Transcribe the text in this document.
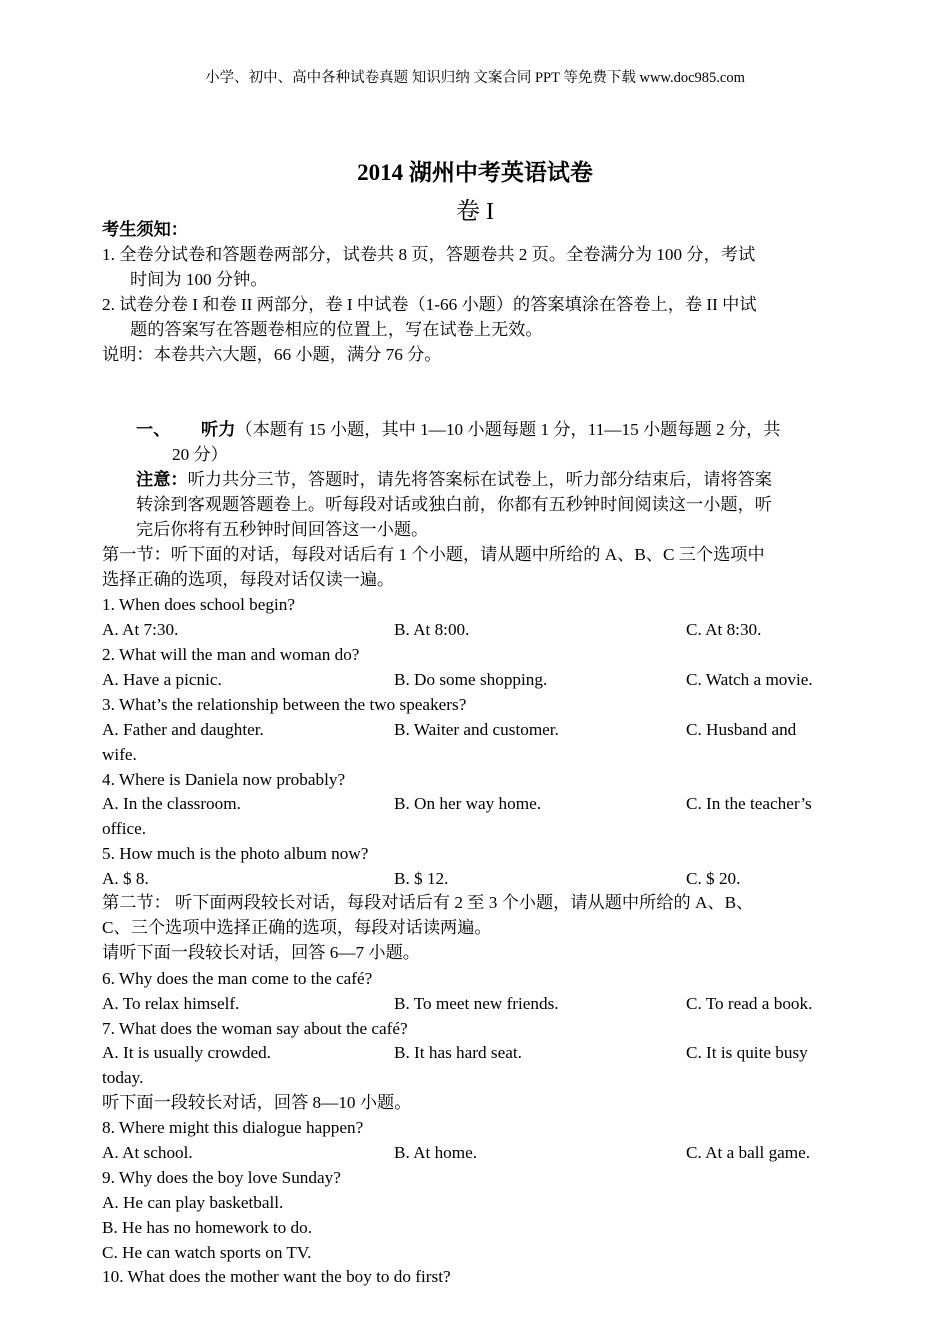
小学、初中、高中各种试卷真题 知识归纳 文案合同 PPT 等免费下载 www.doc985.com
2014 湖州中考英语试卷
卷 I
考生须知：
1. 全卷分试卷和答题卷两部分，试卷共 8 页，答题卷共 2 页。全卷满分为 100 分，考试
时间为 100 分钟。
2. 试卷分卷 I 和卷 II 两部分，卷 I 中试卷（1-66 小题）的答案填涂在答卷上，卷 II 中试
题的答案写在答题卷相应的位置上，写在试卷上无效。
说明：本卷共六大题，66 小题，满分 76 分。
一、 听力（本题有 15 小题，其中 1—10 小题每题 1 分，11—15 小题每题 2 分，共
20 分）
注意：听力共分三节，答题时，请先将答案标在试卷上，听力部分结束后，请将答案
转涂到客观题答题卷上。听每段对话或独白前，你都有五秒钟时间阅读这一小题，听
完后你将有五秒钟时间回答这一小题。
第一节：听下面的对话，每段对话后有 1 个小题，请从题中所给的 A、B、C 三个选项中
选择正确的选项，每段对话仅读一遍。
1. When does school begin?
A. At 7:30.	B. At 8:00.	C. At 8:30.
2. What will the man and woman do?
A. Have a picnic.	B. Do some shopping.	C. Watch a movie.
3. What’s the relationship between the two speakers?
A. Father and daughter.	B. Waiter and customer.	C. Husband and
wife.
4. Where is Daniela now probably?
A. In the classroom.	B. On her way home.	C. In the teacher’s
office.
5. How much is the photo album now?
A. $ 8.	B. $ 12.	C. $ 20.
第二节： 听下面两段较长对话，每段对话后有 2 至 3 个小题，请从题中所给的 A、B、
C、三个选项中选择正确的选项，每段对话读两遍。
请听下面一段较长对话，回答 6—7 小题。
6. Why does the man come to the café?
A. To relax himself.	B. To meet new friends.	C. To read a book.
7. What does the woman say about the café?
A. It is usually crowded.	B. It has hard seat.	C. It is quite busy
today.
听下面一段较长对话，回答 8—10 小题。
8. Where might this dialogue happen?
A. At school.	B. At home.	C. At a ball game.
9. Why does the boy love Sunday?
A. He can play basketball.
B. He has no homework to do.
C. He can watch sports on TV.
10. What does the mother want the boy to do first?
